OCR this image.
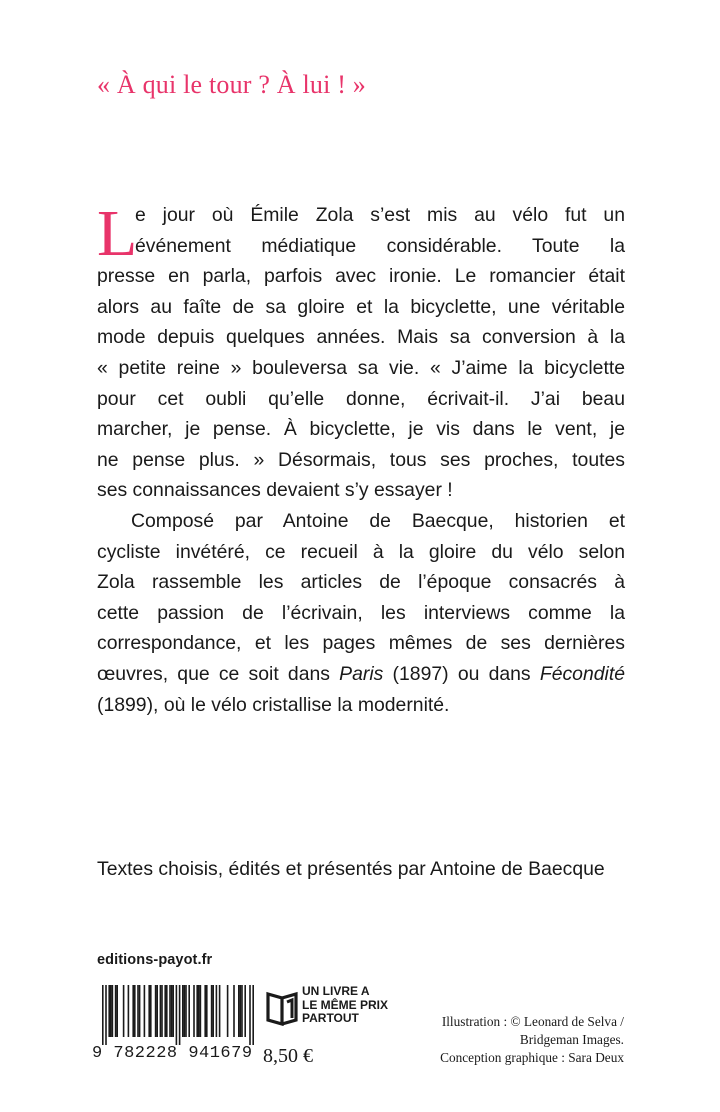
« À qui le tour ? À lui ! »

L
e jour où Émile Zola s’est mis au vélo fut un
événement médiatique considérable. Toute la
presse en parla, parfois avec ironie. Le romancier était
alors au faîte de sa gloire et la bicyclette, une véritable
mode depuis quelques années. Mais sa conversion à la
« petite reine » bouleversa sa vie. « J’aime la bicyclette
pour cet oubli qu’elle donne, écrivait-il. J’ai beau
marcher, je pense. À bicyclette, je vis dans le vent, je
ne pense plus. » Désormais, tous ses proches, toutes
ses connaissances devaient s’y essayer !

Composé par Antoine de Baecque, historien et
cycliste invétéré, ce recueil à la gloire du vélo selon
Zola rassemble les articles de l’époque consacrés à
cette passion de l’écrivain, les interviews comme la
correspondance, et les pages mêmes de ses dernières
œuvres, que ce soit dans Paris (1897) ou dans Fécondité
(1899), où le vélo cristallise la modernité.

Textes choisis, édités et présentés par Antoine de Baecque
editions-payot.fr
9 782228 941679
UN LIVRE A
LE MÊME PRIX
PARTOUT
8,50 €
Illustration : © Leonard de Selva /
Bridgeman Images.
Conception graphique : Sara Deux
